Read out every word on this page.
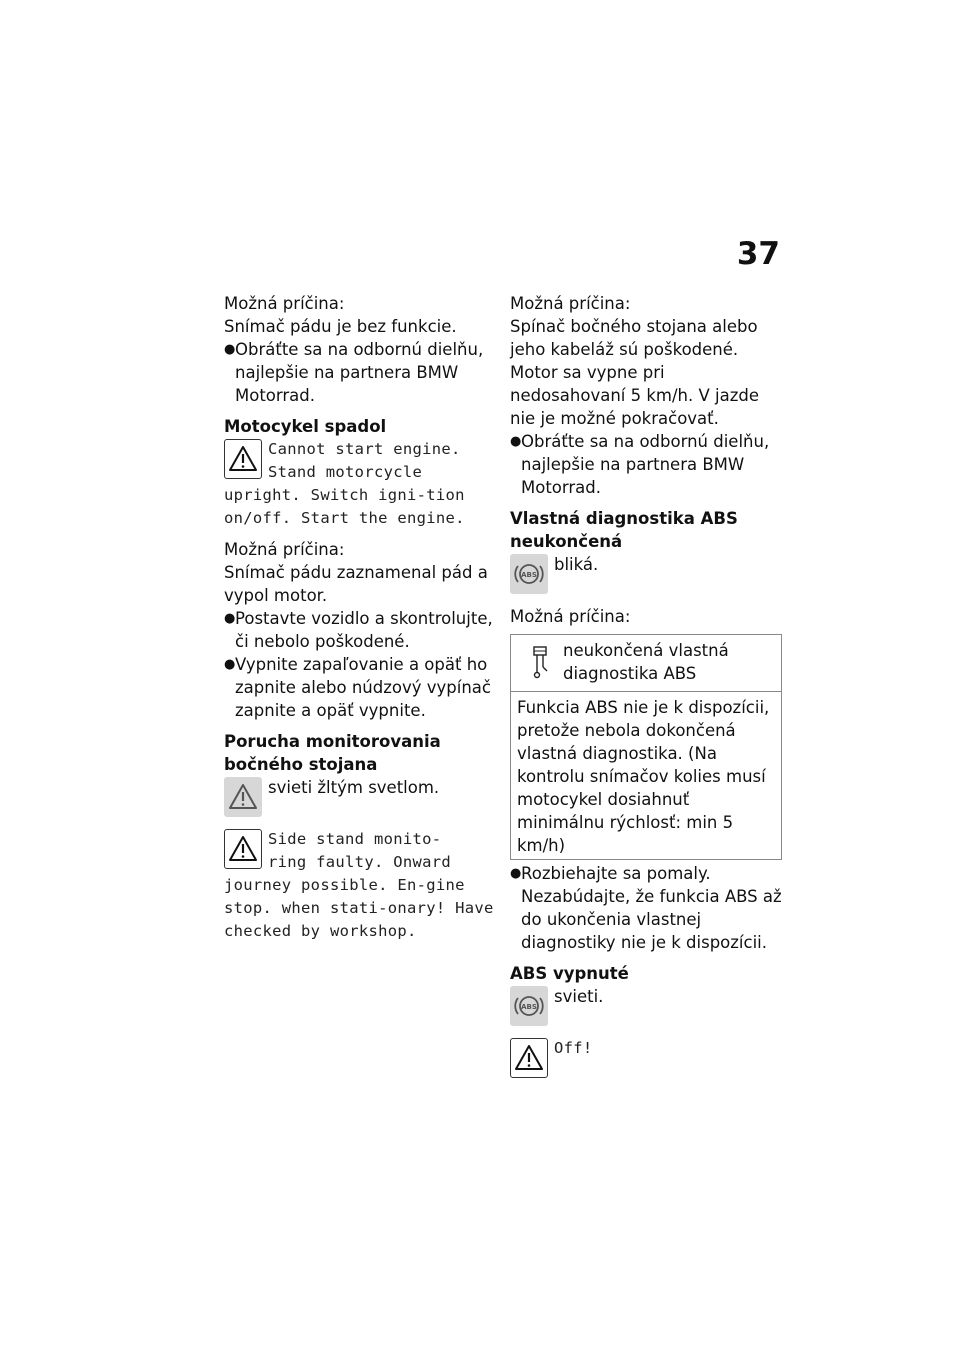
37

Možná príčina:

Snímač pádu je bez funkcie.

● Obráťte sa na odbornú dielňu, najlepšie na partnera BMW Motorrad.

Motocykel spadol

Cannot start engine.
Stand motorcycle
upright. Switch igni-tion on/off. Start the engine.

Možná príčina:

Snímač pádu zaznamenal pád a vypol motor.

● Postavte vozidlo a skontrolujte, či nebolo poškodené.
● Vypnite zapaľovanie a opäť ho zapnite alebo núdzový vypínač zapnite a opäť vypnite.

Porucha monitorovania bočného stojana

svieti žltým svetlom.

Side stand monito-
ring faulty. Onward
journey possible. En-gine stop. when stati-onary! Have checked by workshop.

Možná príčina:

Spínač bočného stojana alebo jeho kabeláž sú poškodené. Motor sa vypne pri nedosahovaní 5 km/h. V jazde nie je možné pokračovať.

● Obráťte sa na odbornú dielňu, najlepšie na partnera BMW Motorrad.

Vlastná diagnostika ABS neukončená

ABS

bliká.

Možná príčina:

neukončená vlastná diagnostika ABS
Funkcia ABS nie je k dispozícii, pretože nebola dokončená vlastná diagnostika. (Na kontrolu snímačov kolies musí motocykel dosiahnuť minimálnu rýchlosť: min 5 km/h)
● Rozbiehajte sa pomaly. Nezabúdajte, že funkcia ABS až do ukončenia vlastnej diagnostiky nie je k dispozícii.

ABS vypnuté

ABS

svieti.

Off!
